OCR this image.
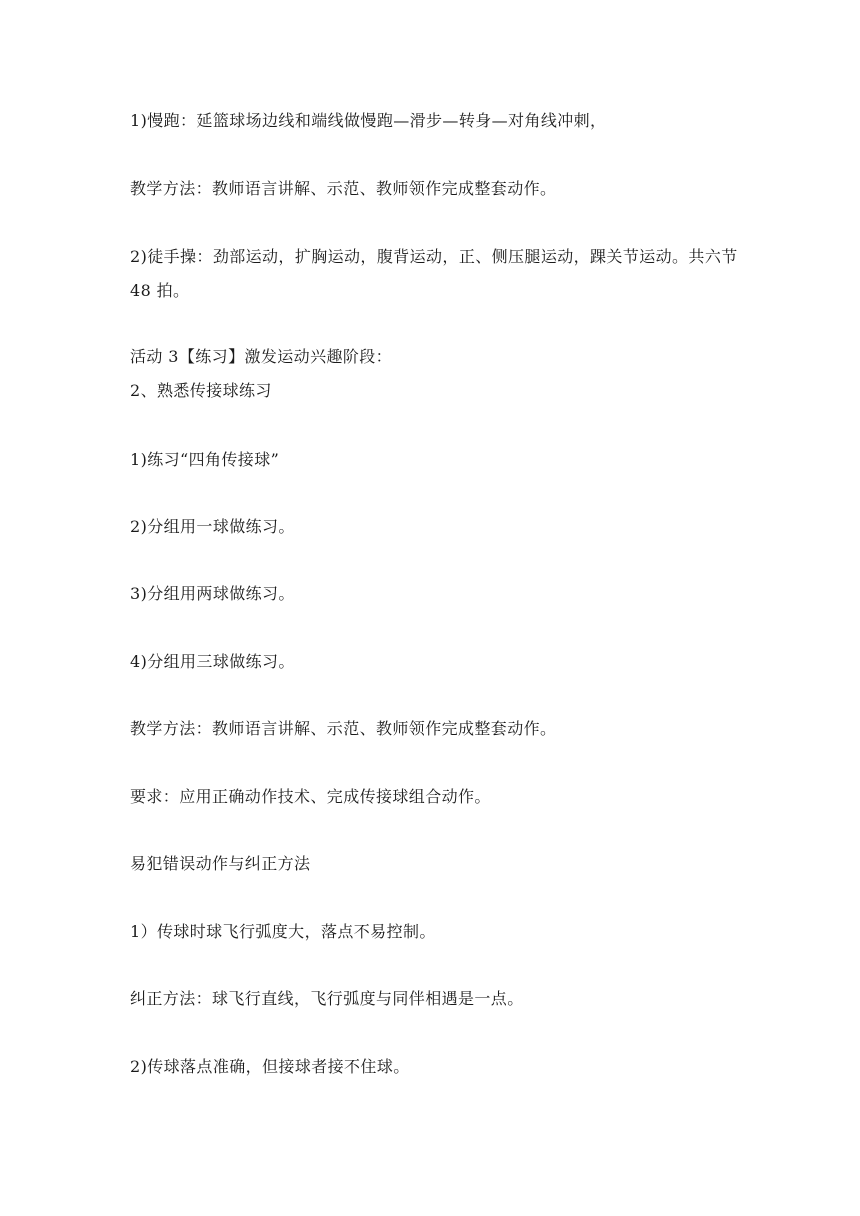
1)慢跑：延篮球场边线和端线做慢跑—滑步—转身—对角线冲刺，
教学方法：教师语言讲解、示范、教师领作完成整套动作。
2)徒手操：劲部运动，扩胸运动，腹背运动，正、侧压腿运动，踝关节运动。共六节 48 拍。
活动 3【练习】激发运动兴趣阶段：
2、熟悉传接球练习
1)练习“四角传接球”
2)分组用一球做练习。
3)分组用两球做练习。
4)分组用三球做练习。
教学方法：教师语言讲解、示范、教师领作完成整套动作。
要求：应用正确动作技术、完成传接球组合动作。
易犯错误动作与纠正方法
1）传球时球飞行弧度大，落点不易控制。
纠正方法：球飞行直线，飞行弧度与同伴相遇是一点。
2)传球落点准确，但接球者接不住球。
